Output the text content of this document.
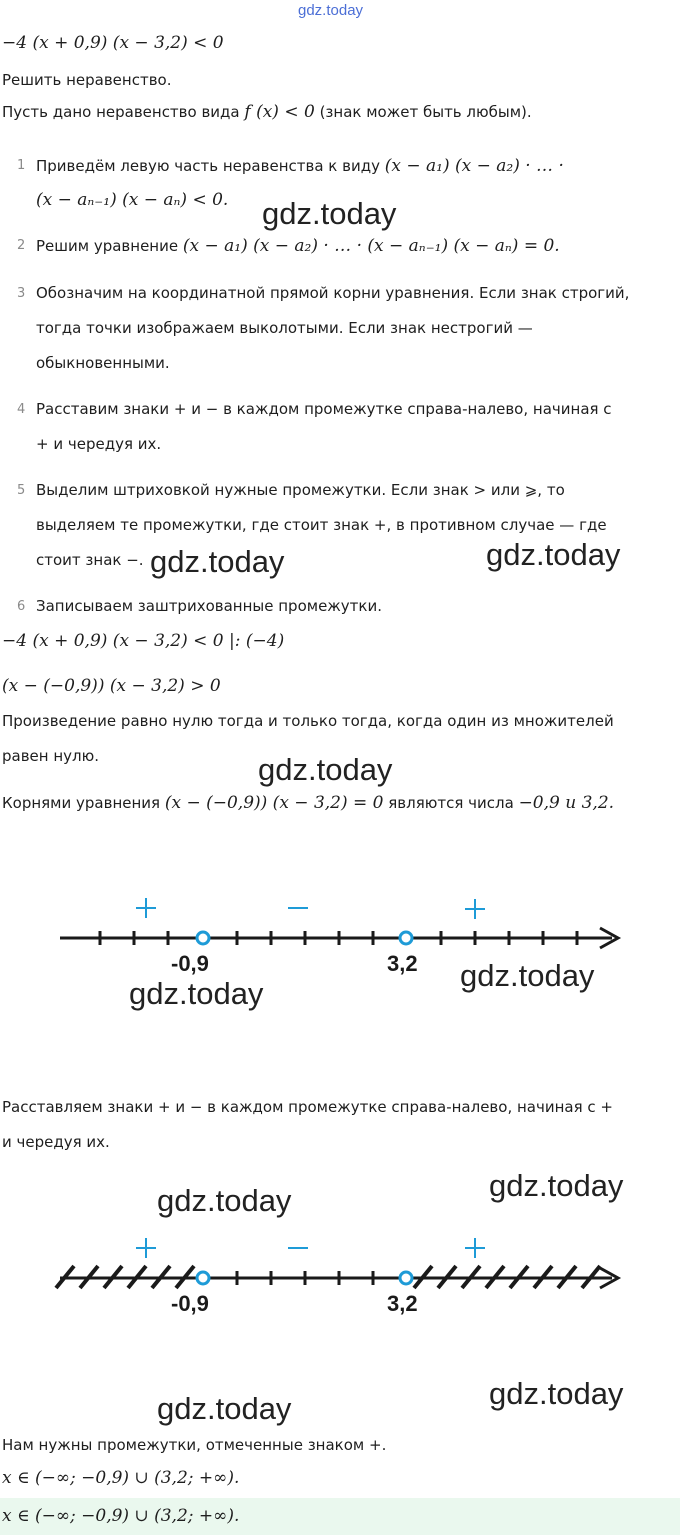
gdz.today
−4 (x + 0,9) (x − 3,2) < 0
Решить неравенство.
Пусть дано неравенство вида f (x) < 0 (знак может быть любым).
1 Приведём левую часть неравенства к виду (x − a₁) (x − a₂) · … ·
(x − aₙ₋₁) (x − aₙ) < 0. gdz.today
2 Решим уравнение (x − a₁) (x − a₂) · … · (x − aₙ₋₁) (x − aₙ) = 0.
3 Обозначим на координатной прямой корни уравнения. Если знак строгий,
тогда точки изображаем выколотыми. Если знак нестрогий —
обыкновенными.
4 Расставим знаки + и − в каждом промежутке справа-налево, начиная с
+ и чередуя их.
5 Выделим штриховкой нужные промежутки. Если знак > или ⩾, то
выделяем те промежутки, где стоит знак +, в противном случае — где
стоит знак −. gdz.today	gdz.today
6 Записываем заштрихованные промежутки.
−4 (x + 0,9) (x − 3,2) < 0 |: (−4)
(x − (−0,9)) (x − 3,2) > 0
Произведение равно нулю тогда и только тогда, когда один из множителей
равен нулю.	gdz.today
Корнями уравнения (x − (−0,9)) (x − 3,2) = 0 являются числа −0,9 и 3,2.
-0,9	3,2 gdz.today
gdz.today
Расставляем знаки + и − в каждом промежутке справа-налево, начиная с +
и чередуя их.
gdz.today
gdz.today
-0,9	3,2
gdz.today
gdz.today
Нам нужны промежутки, отмеченные знаком +.
x ∈ (−∞; −0,9) ∪ (3,2; +∞).
x ∈ (−∞; −0,9) ∪ (3,2; +∞).
